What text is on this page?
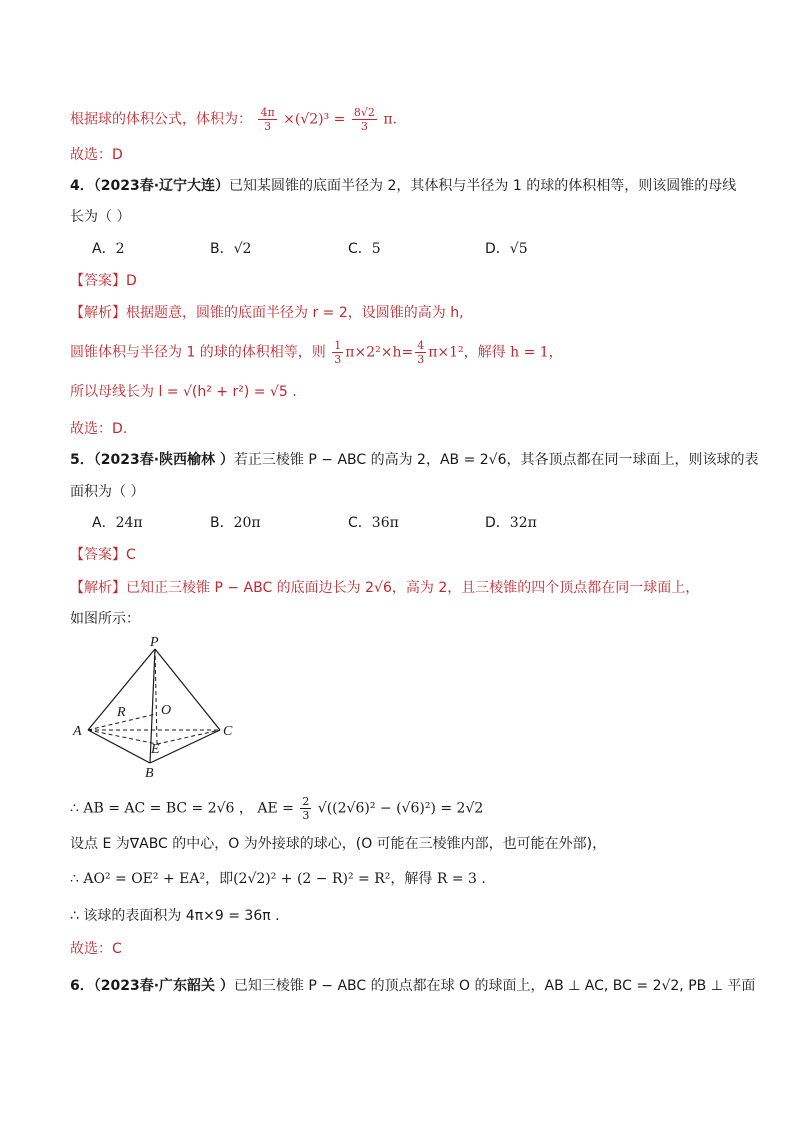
根据球的体积公式，体积为： $\frac{4\pi}{3} \times(√2)^3 = \frac{8√2}{3} \pi$.
故选：D
4．（2023春·辽宁大连）已知某圆锥的底面半径为 2，其体积与半径为 1 的球的体积相等，则该圆锥的母线
长为（ ）
A．2	B．√2	C．5	D．√5
【答案】D
【解析】根据题意，圆锥的底面半径为 r = 2，设圆锥的高为 h,
圆锥体积与半径为 1 的球的体积相等，则 $\frac{1}{3} \pi\times 2^2\times h= \frac{4}{3} \pi\times 1^2$，解得 h = 1，
所以母线长为 l = √(h² + r²) = √5 .
故选：D.
5．（2023春·陕西榆林 ）若正三棱锥 P − ABC 的高为 2，AB = 2√6，其各顶点都在同一球面上，则该球的表
面积为（ ）
A．24π	B．20π	C．36π	D．32π
【答案】C
【解析】已知正三棱锥 P − ABC 的底面边长为 2√6，高为 2，且三棱锥的四个顶点都在同一球面上，
如图所示：
P
A	C
B
O
E
R
∴ AB = AC = BC = 2√6 ， AE = $\frac{2}{3} √((2√6)^2 - (√6)^2) = 2√2$
设点 E 为∇ABC 的中心，O 为外接球的球心，(O 可能在三棱锥内部，也可能在外部)，
∴ AO² = OE² + EA²，即(2√2)² + (2 − R)² = R²，解得 R = 3 .
∴ 该球的表面积为 4π×9 = 36π .
故选：C
6．（2023春·广东韶关 ）已知三棱锥 P − ABC 的顶点都在球 O 的球面上，AB ⊥ AC, BC = 2√2, PB ⊥ 平面
